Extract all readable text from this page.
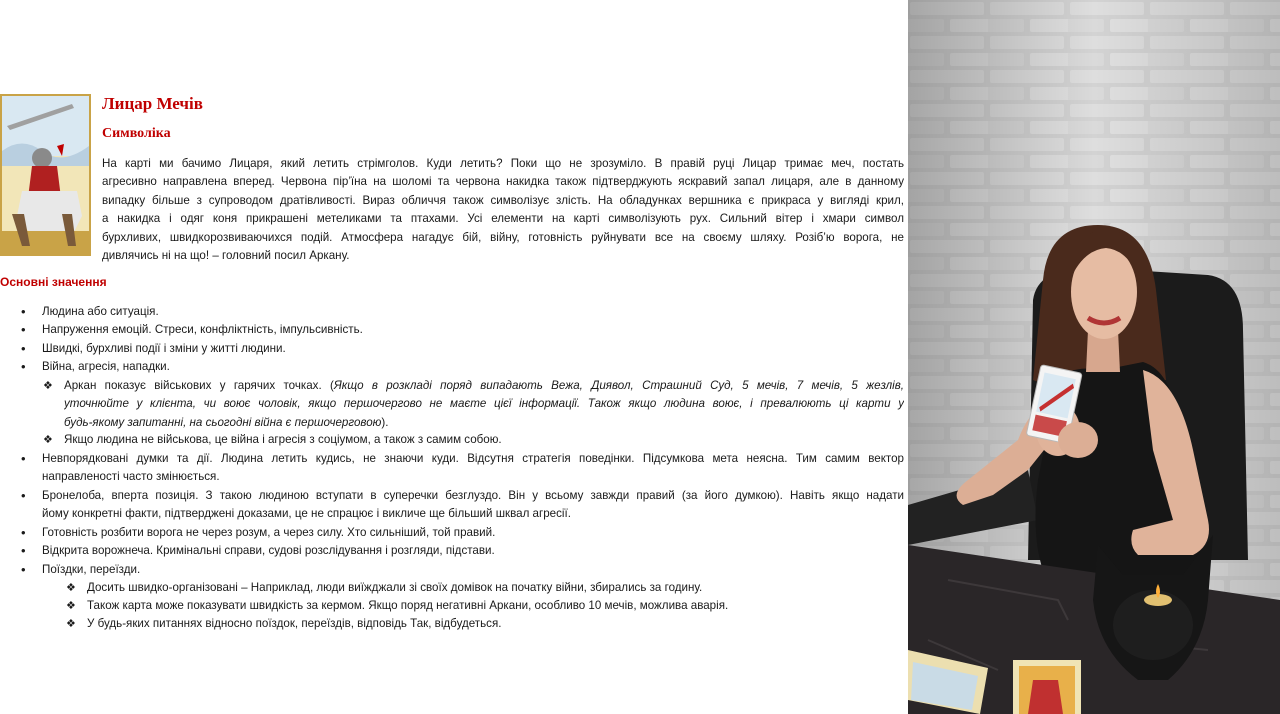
Лицар Мечів
Символіка
На карті ми бачимо Лицаря, який летить стрімголов. Куди летить? Поки що не зрозуміло. В правій руці Лицар тримає меч, постать
агресивно направлена вперед. Червона пір’їна на шоломі та червона накидка також підтверджують яскравий запал лицаря, але в данному
випадку більше з супроводом дратівливості. Вираз обличчя також символізує злість. На обладунках вершника є прикраса у вигляді крил,
а накидка і одяг коня прикрашені метеликами та птахами. Усі елементи на карті символізують рух. Сильний вітер і хмари символ
бурхливих, швидкорозвиваючихся подій. Атмосфера нагадує бій, війну, готовність руйнувати все на своєму шляху. Розіб’ю ворога, не
дивлячись ні на що! – головний посил Аркану.
Основні значення
• Людина або ситуація.
• Напруження емоцій. Стреси, конфліктність, імпульсивність.
• Швидкі, бурхливі події і зміни у житті людини.
• Війна, агресія, нападки.
❖ Аркан показує військових у гарячих точках. (Якщо в розкладі поряд випадають Вежа, Диявол, Страшний Суд, 5 мечів, 7 мечів, 5 жезлів,
уточнюйте у клієнта, чи воює чоловік, якщо першочергово не маєте цієї інформації. Також якщо людина воює, і превалюють ці карти у
будь-якому запитанні, на сьогодні війна є першочерговою).
❖ Якщо людина не військова, це війна і агресія з соціумом, а також з самим собою.
• Невпорядковані думки та дії. Людина летить кудись, не знаючи куди. Відсутня стратегія поведінки. Підсумкова мета неясна. Тим самим вектор
направленості часто змінюється.
• Бронелоба, вперта позиція. З такою людиною вступати в суперечки безглуздо. Він у всьому завжди правий (за його думкою). Навіть якщо надати
йому конкретні факти, підтверджені доказами, це не спрацює і викличе ще більший шквал агресії.
• Готовність розбити ворога не через розум, а через силу. Хто сильніший, той правий.
• Відкрита ворожнеча. Кримінальні справи, судові розслідування і розгляди, підстави.
• Поїздки, переїзди.
❖ Досить швидко-організовані – Наприклад, люди виїжджали зі своїх домівок на початку війни, збирались за годину.
❖ Також карта може показувати швидкість за кермом. Якщо поряд негативні Аркани, особливо 10 мечів, можлива аварія.
❖ У будь-яких питаннях відносно поїздок, переїздів, відповідь Так, відбудеться.
